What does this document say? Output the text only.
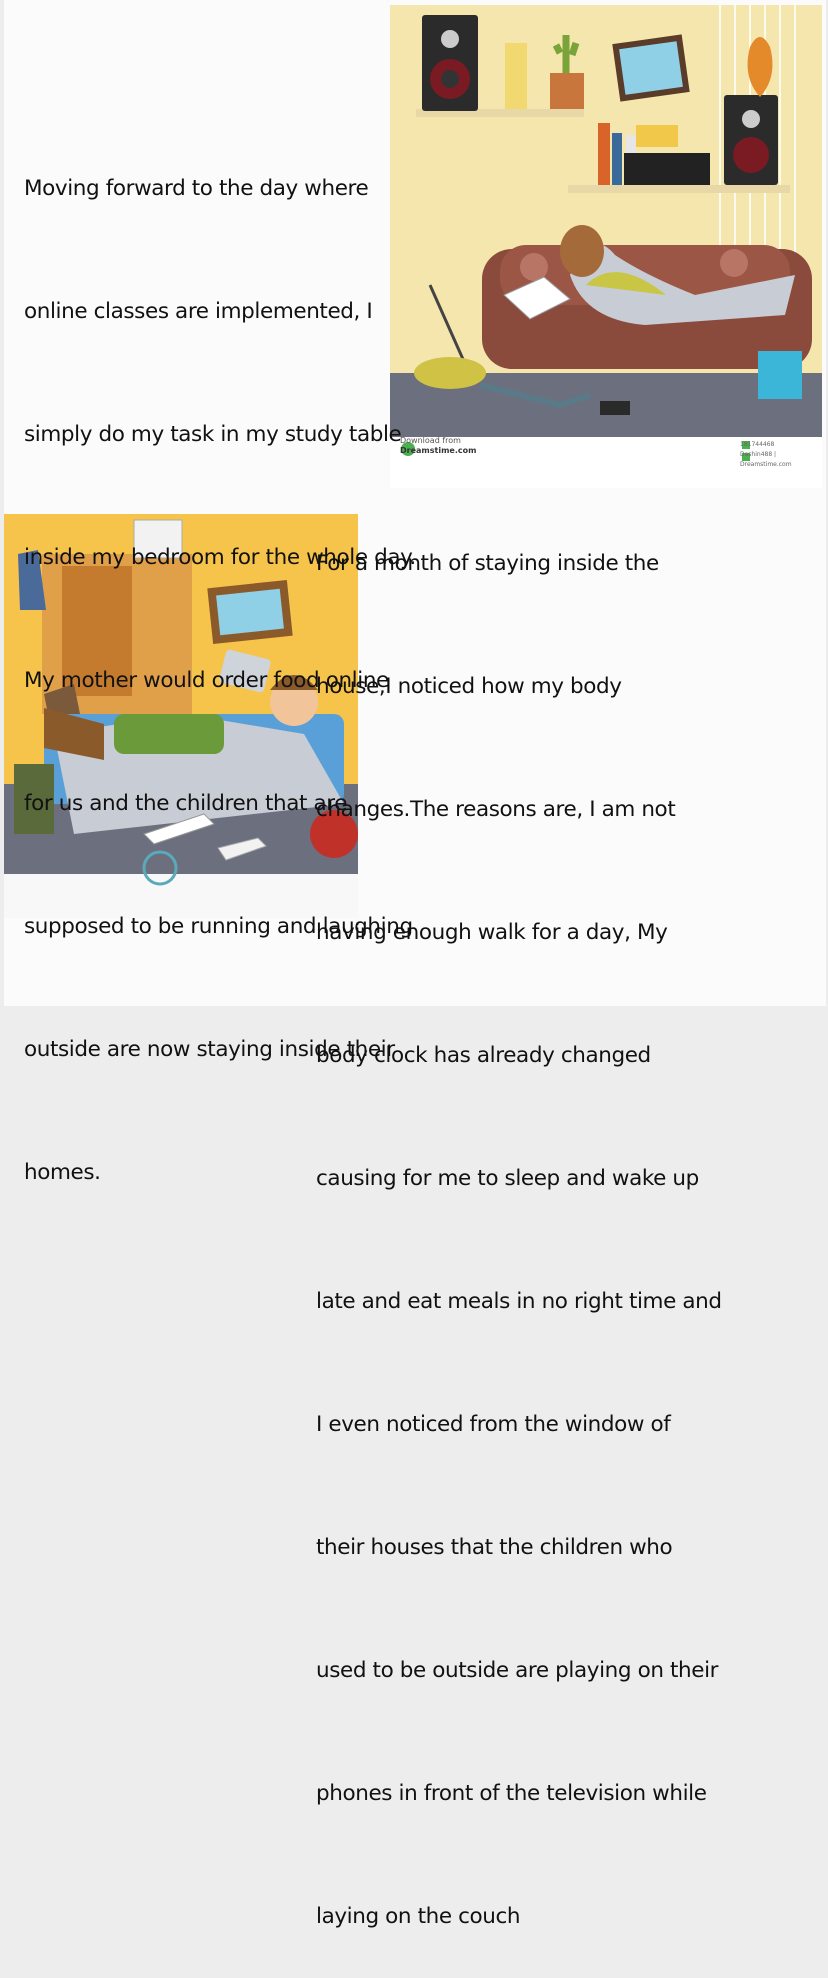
Download from
Dreamstime.com
181744468
Dashin488 | Dreamstime.com

Moving forward to the day where

online classes are implemented, I

simply do my task in my study table

inside my bedroom for the whole day.

My mother would order food online

for us and the children that are

supposed to be running and laughing

outside are now staying inside their

homes.

For a month of staying inside the

house,I noticed how my body

changes.The reasons are, I am not

having enough walk for a day, My

body clock has already changed

causing for me to sleep and wake up

late and eat meals in no right time and

I even noticed from the window of

their houses that the children who

used to be outside are playing on their

phones in front of the television while

laying on the couch
